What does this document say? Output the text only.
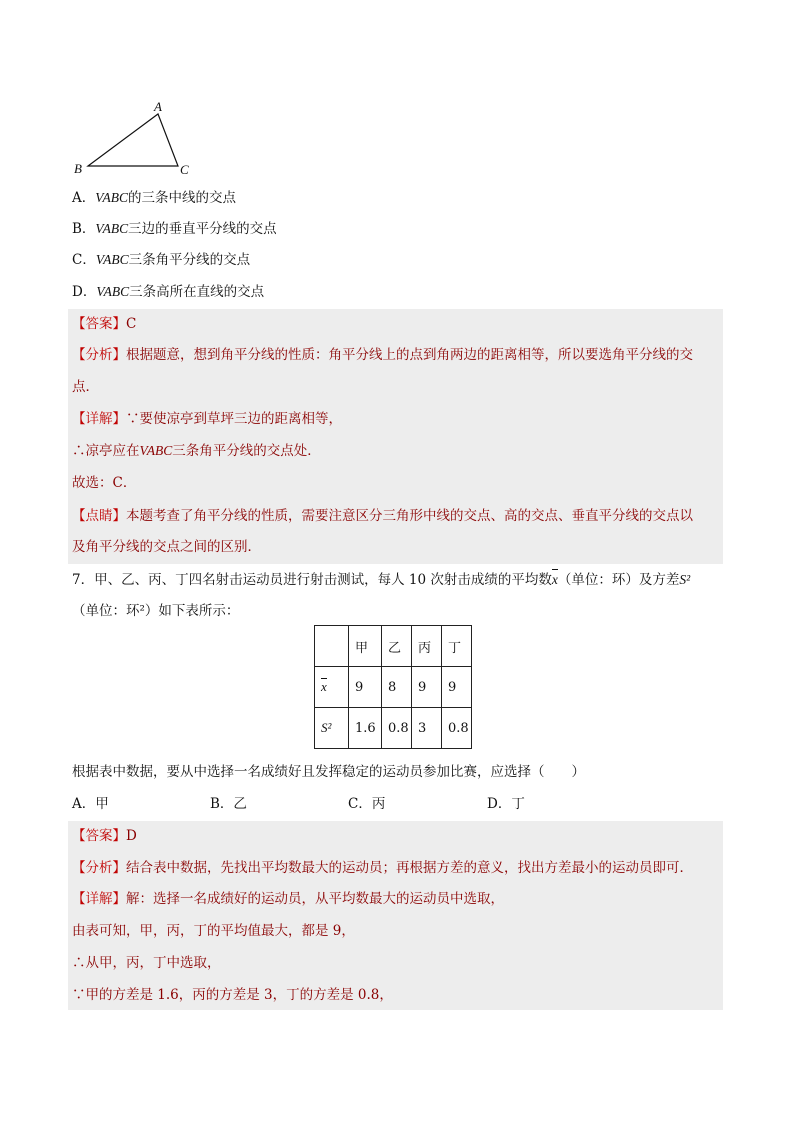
A
B	C
A．VABC的三条中线的交点
B．VABC三边的垂直平分线的交点
C．VABC三条角平分线的交点
D．VABC三条高所在直线的交点
【答案】C
【分析】根据题意，想到角平分线的性质：角平分线上的点到角两边的距离相等，所以要选角平分线的交
点．
【详解】∵要使凉亭到草坪三边的距离相等，
∴凉亭应在VABC三条角平分线的交点处．
故选：C．
【点睛】本题考查了角平分线的性质，需要注意区分三角形中线的交点、高的交点、垂直平分线的交点以
及角平分线的交点之间的区别．
7．甲、乙、丙、丁四名射击运动员进行射击测试，每人 10 次射击成绩的平均数x（单位：环）及方差S²
（单位：环²）如下表所示：
	甲	乙	丙	丁
x	9	8	9	9
S²	1.6	0.8	3	0.8
根据表中数据，要从中选择一名成绩好且发挥稳定的运动员参加比赛，应选择（　　）
A．甲	B．乙	C．丙	D．丁
【答案】D
【分析】结合表中数据，先找出平均数最大的运动员；再根据方差的意义，找出方差最小的运动员即可．
【详解】解：选择一名成绩好的运动员，从平均数最大的运动员中选取，
由表可知，甲，丙，丁的平均值最大，都是 9，
∴从甲，丙，丁中选取，
∵甲的方差是 1.6，丙的方差是 3，丁的方差是 0.8，
